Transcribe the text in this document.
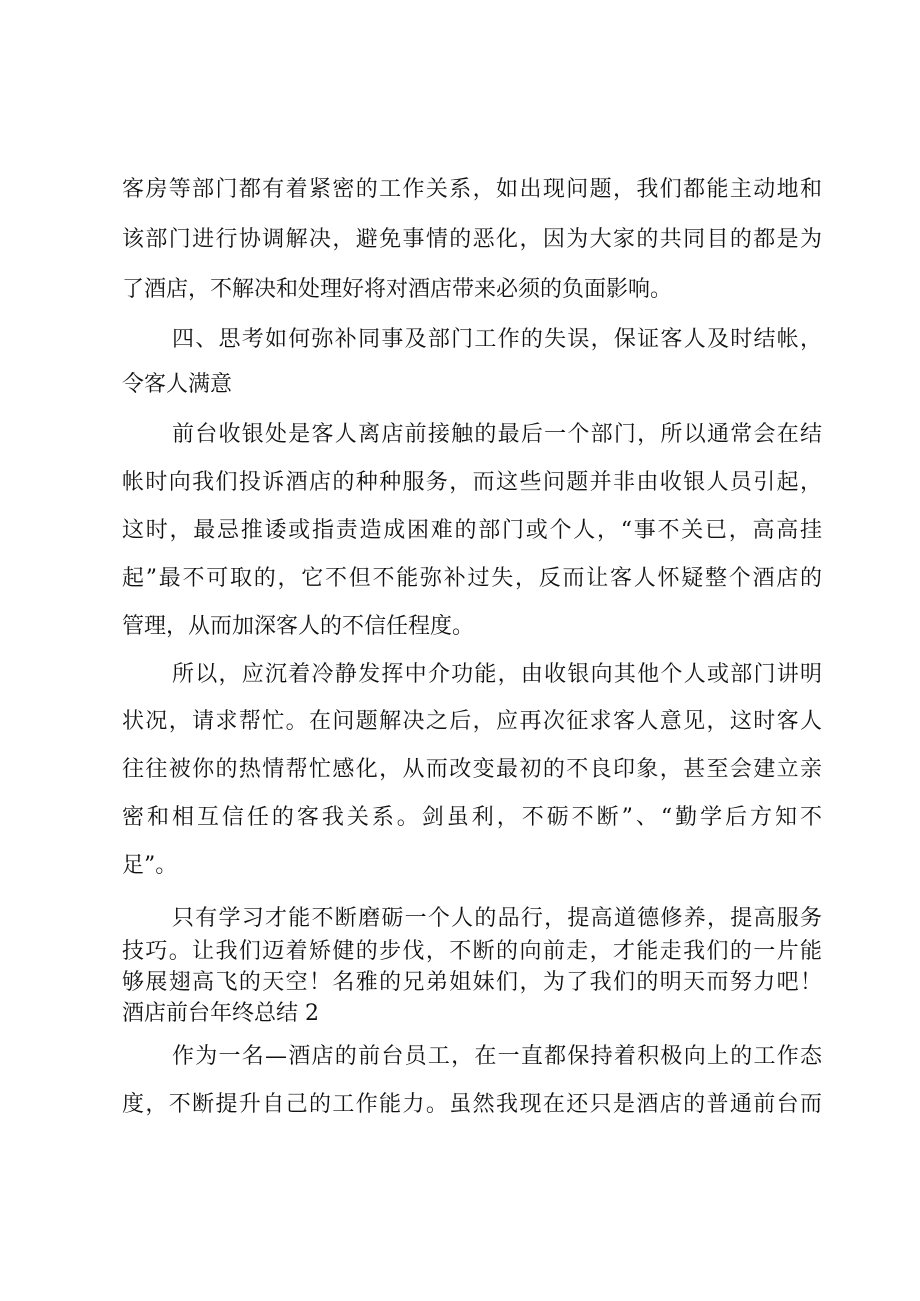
客房等部门都有着紧密的工作关系，如出现问题，我们都能主动地和
该部门进行协调解决，避免事情的恶化，因为大家的共同目的都是为
了酒店，不解决和处理好将对酒店带来必须的负面影响。
四、思考如何弥补同事及部门工作的失误，保证客人及时结帐，
令客人满意
前台收银处是客人离店前接触的最后一个部门，所以通常会在结
帐时向我们投诉酒店的种种服务，而这些问题并非由收银人员引起，
这时，最忌推诿或指责造成困难的部门或个人，“事不关已，高高挂
起”最不可取的，它不但不能弥补过失，反而让客人怀疑整个酒店的
管理，从而加深客人的不信任程度。
所以，应沉着冷静发挥中介功能，由收银向其他个人或部门讲明
状况，请求帮忙。在问题解决之后，应再次征求客人意见，这时客人
往往被你的热情帮忙感化，从而改变最初的不良印象，甚至会建立亲
密和相互信任的客我关系。剑虽利，不砺不断”、“勤学后方知不
足”。
只有学习才能不断磨砺一个人的品行，提高道德修养，提高服务
技巧。让我们迈着矫健的步伐，不断的向前走，才能走我们的一片能
够展翅高飞的天空！名雅的兄弟姐妹们，为了我们的明天而努力吧！
酒店前台年终总结 2
作为一名—酒店的前台员工，在一直都保持着积极向上的工作态
度，不断提升自己的工作能力。虽然我现在还只是酒店的普通前台而
